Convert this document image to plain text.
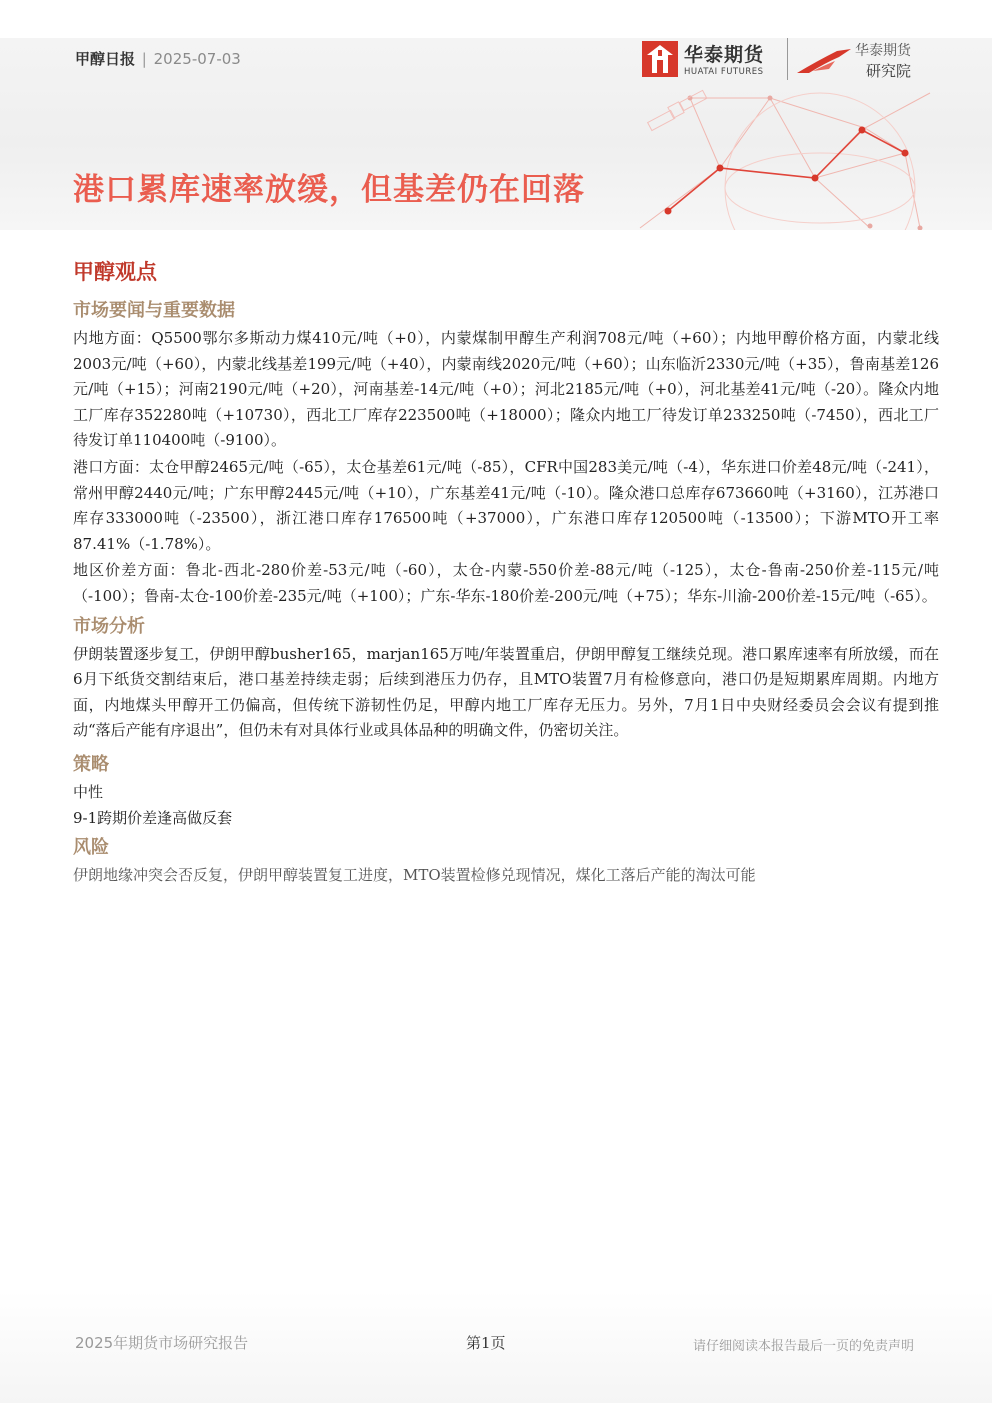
甲醇日报 | 2025-07-03	华泰期货
HUATAI FUTURES
华泰期货
研究院
港口累库速率放缓，但基差仍在回落
甲醇观点
市场要闻与重要数据

内地方面：Q5500鄂尔多斯动力煤410元/吨（+0），内蒙煤制甲醇生产利润708元/吨（+60）；内地甲醇价格方面，内蒙北线2003元/吨（+60），内蒙北线基差199元/吨（+40），内蒙南线2020元/吨（+60）；山东临沂2330元/吨（+35），鲁南基差126元/吨（+15）；河南2190元/吨（+20），河南基差-14元/吨（+0）；河北2185元/吨（+0），河北基差41元/吨（-20）。隆众内地工厂库存352280吨（+10730），西北工厂库存223500吨（+18000）；隆众内地工厂待发订单233250吨（-7450），西北工厂待发订单110400吨（-9100）。

港口方面：太仓甲醇2465元/吨（-65），太仓基差61元/吨（-85），CFR中国283美元/吨（-4），华东进口价差48元/吨（-241），常州甲醇2440元/吨；广东甲醇2445元/吨（+10），广东基差41元/吨（-10）。隆众港口总库存673660吨（+3160），江苏港口库存333000吨（-23500），浙江港口库存176500吨（+37000），广东港口库存120500吨（-13500）；下游MTO开工率87.41%（-1.78%）。

地区价差方面：鲁北-西北-280价差-53元/吨（-60），太仓-内蒙-550价差-88元/吨（-125），太仓-鲁南-250价差-115元/吨（-100）；鲁南-太仓-100价差-235元/吨（+100）；广东-华东-180价差-200元/吨（+75）；华东-川渝-200价差-15元/吨（-65）。

市场分析

伊朗装置逐步复工，伊朗甲醇busher165，marjan165万吨/年装置重启，伊朗甲醇复工继续兑现。港口累库速率有所放缓，而在6月下纸货交割结束后，港口基差持续走弱；后续到港压力仍存，且MTO装置7月有检修意向，港口仍是短期累库周期。内地方面，内地煤头甲醇开工仍偏高，但传统下游韧性仍足，甲醇内地工厂库存无压力。另外，7月1日中央财经委员会会议有提到推动“落后产能有序退出”，但仍未有对具体行业或具体品种的明确文件，仍密切关注。

策略

中性

9-1跨期价差逢高做反套

风险

伊朗地缘冲突会否反复，伊朗甲醇装置复工进度，MTO装置检修兑现情况，煤化工落后产能的淘汰可能

2025年期货市场研究报告	第1页	请仔细阅读本报告最后一页的免责声明
